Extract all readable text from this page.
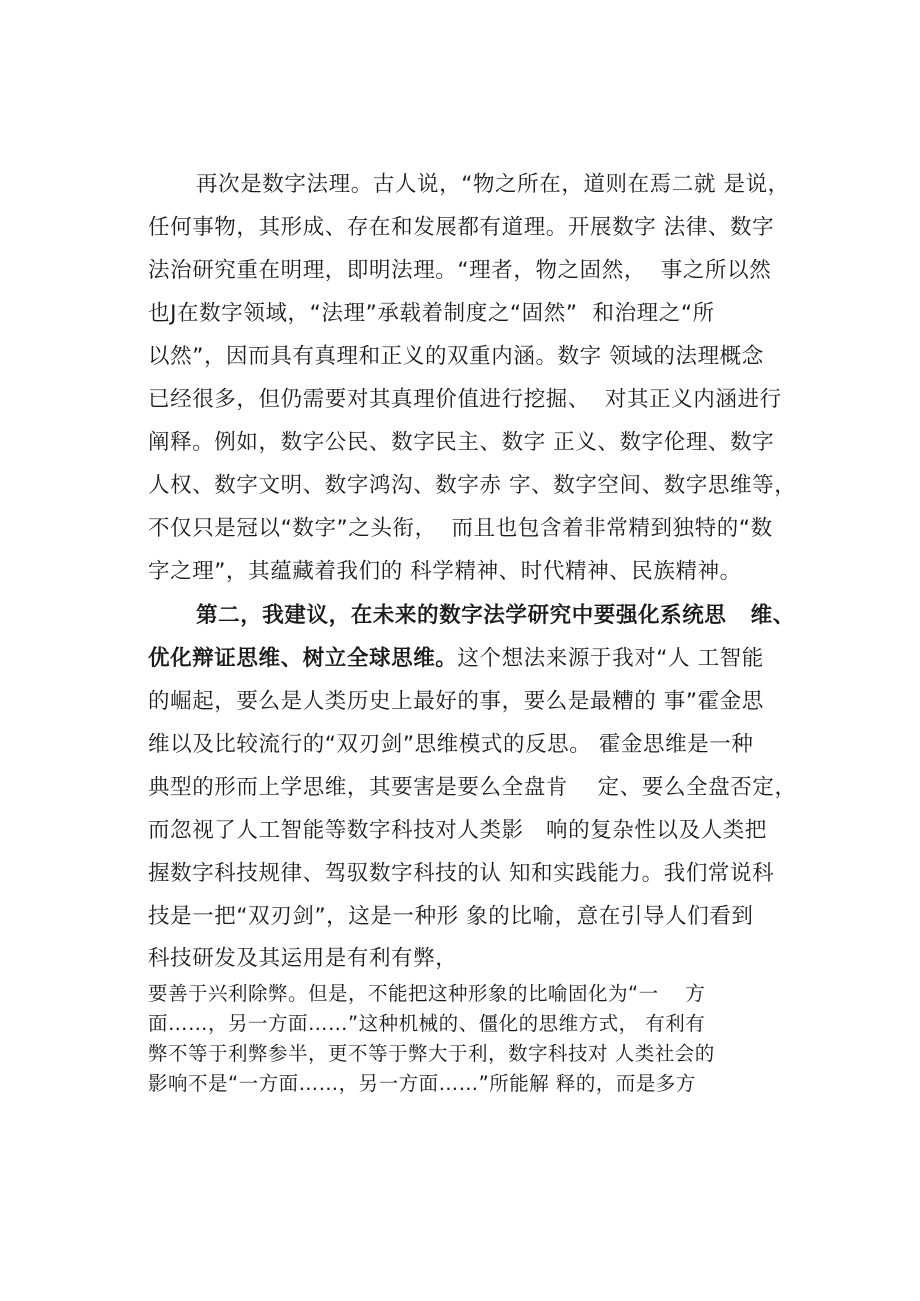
再次是数字法理。古人说，“物之所在，道则在焉二就 是说，
任何事物，其形成、存在和发展都有道理。开展数字 法律、数字
法治研究重在明理，即明法理。“理者，物之固然，  事之所以然
也J在数字领域，“法理”承载着制度之“固然”  和治理之“所
以然”，因而具有真理和正义的双重内涵。数字 领域的法理概念
已经很多，但仍需要对其真理价值进行挖掘、  对其正义内涵进行
阐释。例如，数字公民、数字民主、数字 正义、数字伦理、数字
人权、数字文明、数字鸿沟、数字赤 字、数字空间、数字思维等，
不仅只是冠以“数字”之头衔，  而且也包含着非常精到独特的“数
字之理”，其蕴藏着我们的 科学精神、时代精神、民族精神。
第二，我建议，在未来的数字法学研究中要强化系统思   维、
优化辩证思维、树立全球思维。这个想法来源于我对“人 工智能
的崛起，要么是人类历史上最好的事，要么是最糟的 事”霍金思
维以及比较流行的“双刃剑”思维模式的反思。 霍金思维是一种
典型的形而上学思维，其要害是要么全盘肯    定、要么全盘否定，
而忽视了人工智能等数字科技对人类影   响的复杂性以及人类把
握数字科技规律、驾驭数字科技的认 知和实践能力。我们常说科
技是一把“双刃剑”，这是一种形 象的比喻，意在引导人们看到
科技研发及其运用是有利有弊，
要善于兴利除弊。但是，不能把这种形象的比喻固化为“一    方
面……，另一方面……”这种机械的、僵化的思维方式， 有利有
弊不等于利弊参半，更不等于弊大于利，数字科技对 人类社会的
影响不是“一方面……，另一方面……”所能解 释的，而是多方
